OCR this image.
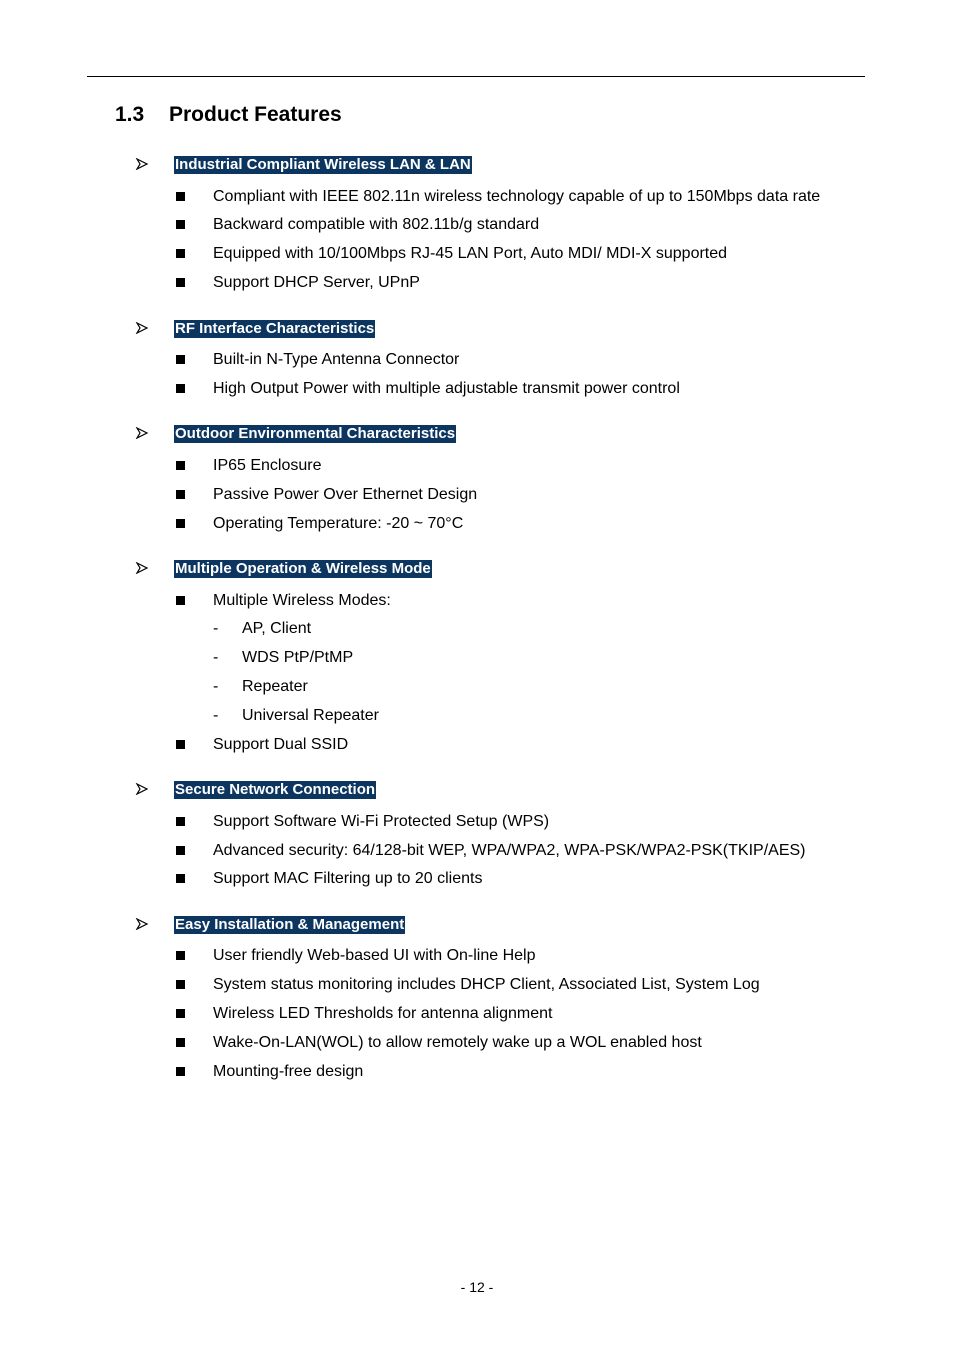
1.3 Product Features
Industrial Compliant Wireless LAN & LAN
Compliant with IEEE 802.11n wireless technology capable of up to 150Mbps data rate
Backward compatible with 802.11b/g standard
Equipped with 10/100Mbps RJ-45 LAN Port, Auto MDI/ MDI-X supported
Support DHCP Server, UPnP
RF Interface Characteristics
Built-in N-Type Antenna Connector
High Output Power with multiple adjustable transmit power control
Outdoor Environmental Characteristics
IP65 Enclosure
Passive Power Over Ethernet Design
Operating Temperature: -20 ~ 70°C
Multiple Operation & Wireless Mode
Multiple Wireless Modes:
- AP, Client
- WDS PtP/PtMP
- Repeater
- Universal Repeater
Support Dual SSID
Secure Network Connection
Support Software Wi-Fi Protected Setup (WPS)
Advanced security: 64/128-bit WEP, WPA/WPA2, WPA-PSK/WPA2-PSK(TKIP/AES)
Support MAC Filtering up to 20 clients
Easy Installation & Management
User friendly Web-based UI with On-line Help
System status monitoring includes DHCP Client, Associated List, System Log
Wireless LED Thresholds for antenna alignment
Wake-On-LAN(WOL) to allow remotely wake up a WOL enabled host
Mounting-free design
- 12 -
